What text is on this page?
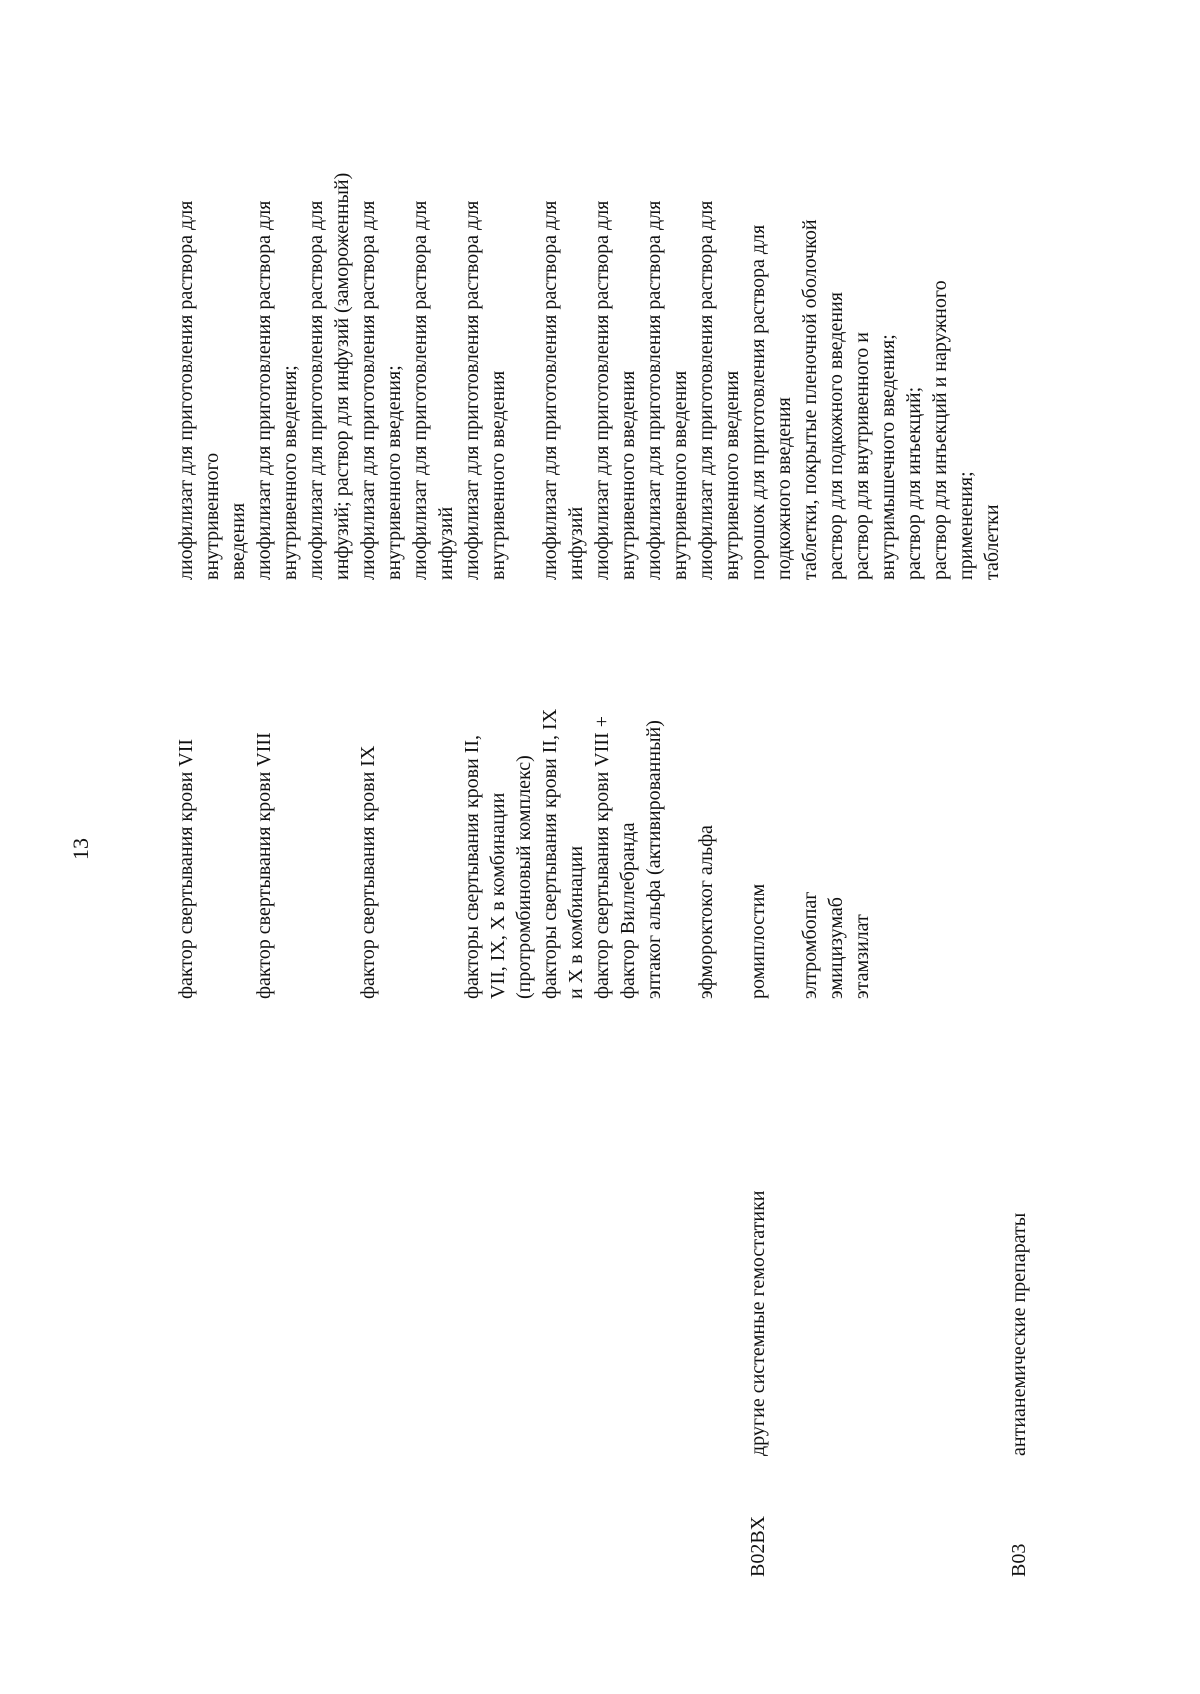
13	фактор свертывания крови VII
лиофилизат для приготовления раствора для
внутривенного
введения
фактор свертывания крови VIII
лиофилизат для приготовления раствора для
внутривенного введения;
лиофилизат для приготовления раствора для
инфузий; раствор для инфузий (замороженный)
фактор свертывания крови IX
лиофилизат для приготовления раствора для
внутривенного введения;
лиофилизат для приготовления раствора для
инфузий
факторы свертывания крови II,
VII, IX, X в комбинации
(протромбиновый комплекс)
лиофилизат для приготовления раствора для
внутривенного введения
факторы свертывания крови II, IX
и X в комбинации
лиофилизат для приготовления раствора для
инфузий
фактор свертывания крови VIII +
фактор Виллебранда
лиофилизат для приготовления раствора для
внутривенного введения
эптаког альфа (активированный)
лиофилизат для приготовления раствора для
внутривенного введения
эфмороктоког альфа
лиофилизат для приготовления раствора для
внутривенного введения
B02BX
другие системные гемостатики
ромиплостим
порошок для приготовления раствора для
подкожного введения
элтромбопаг
таблетки, покрытые пленочной оболочкой
эмицизумаб
раствор для подкожного введения
этамзилат
раствор для внутривенного и
внутримышечного введения;
раствор для инъекций;
раствор для инъекций и наружного
применения;
таблетки
B03
антианемические препараты
